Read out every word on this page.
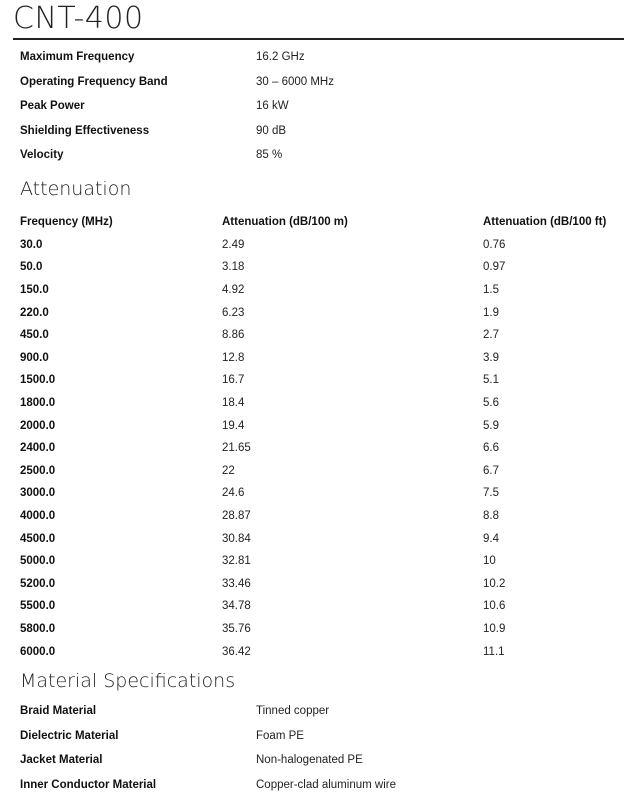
CNT-400
Maximum Frequency	16.2 GHz
Operating Frequency Band	30 – 6000 MHz
Peak Power	16 kW
Shielding Effectiveness	90 dB
Velocity	85 %
Attenuation
Frequency (MHz)	Attenuation (dB/100 m)	Attenuation (dB/100 ft)
30.0	2.49	0.76
50.0	3.18	0.97
150.0	4.92	1.5
220.0	6.23	1.9
450.0	8.86	2.7
900.0	12.8	3.9
1500.0	16.7	5.1
1800.0	18.4	5.6
2000.0	19.4	5.9
2400.0	21.65	6.6
2500.0	22	6.7
3000.0	24.6	7.5
4000.0	28.87	8.8
4500.0	30.84	9.4
5000.0	32.81	10
5200.0	33.46	10.2
5500.0	34.78	10.6
5800.0	35.76	10.9
6000.0	36.42	11.1
Material Specifications
Braid Material	Tinned copper
Dielectric Material	Foam PE
Jacket Material	Non-halogenated PE
Inner Conductor Material	Copper-clad aluminum wire
